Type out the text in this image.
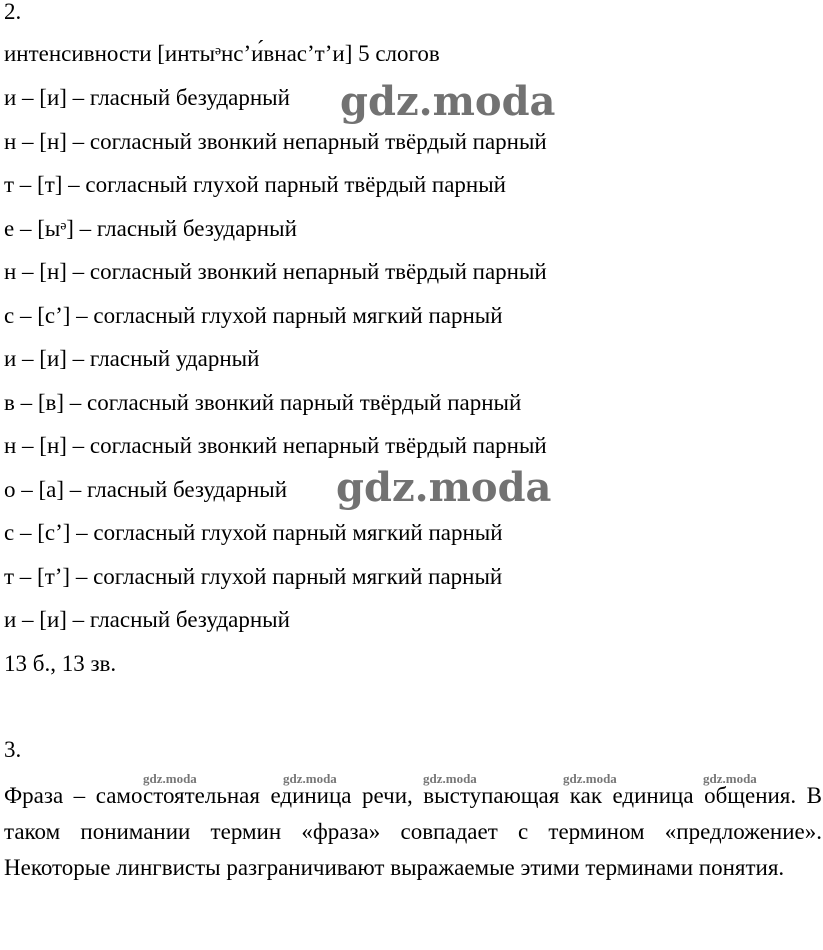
2.
интенсивности [интыᵊнс’и́внас’т’и] 5 слогов
и – [и] – гласный безударный
н – [н] – согласный звонкий непарный твёрдый парный
т – [т] – согласный глухой парный твёрдый парный
е – [ыᵊ] – гласный безударный
н – [н] – согласный звонкий непарный твёрдый парный
с – [с’] – согласный глухой парный мягкий парный
и – [и] – гласный ударный
в – [в] – согласный звонкий парный твёрдый парный
н – [н] – согласный звонкий непарный твёрдый парный
о – [а] – гласный безударный
с – [с’] – согласный глухой парный мягкий парный
т – [т’] – согласный глухой парный мягкий парный
и – [и] – гласный безударный
13 б., 13 зв.
3.
Фраза – самостоятельная единица речи, выступающая как единица общения. В таком понимании термин «фраза» совпадает с термином «предложение». Некоторые лингвисты разграничивают выражаемые этими терминами понятия.
gdz.moda
gdz.moda
gdz.moda	gdz.moda	gdz.moda	gdz.moda	gdz.moda
